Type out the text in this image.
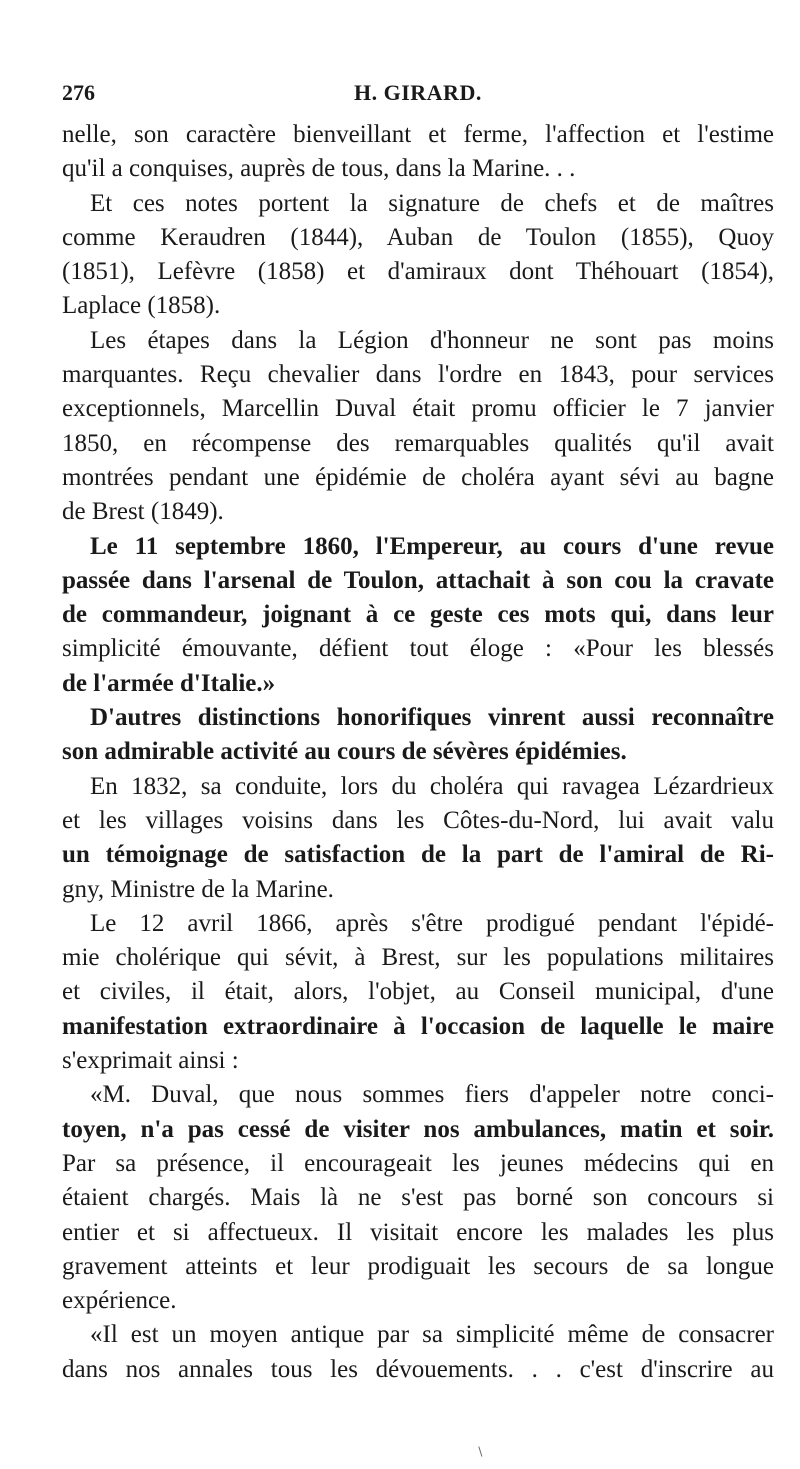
276	H. GIRARD.
nelle, son caractère bienveillant et ferme, l'affection et l'estime
qu'il a conquises, auprès de tous, dans la Marine. . .
Et ces notes portent la signature de chefs et de maîtres
comme Keraudren (1844), Auban de Toulon (1855), Quoy
(1851), Lefèvre (1858) et d'amiraux dont Théhouart (1854),
Laplace (1858).
Les étapes dans la Légion d'honneur ne sont pas moins
marquantes. Reçu chevalier dans l'ordre en 1843, pour services
exceptionnels, Marcellin Duval était promu officier le 7 janvier
1850, en récompense des remarquables qualités qu'il avait
montrées pendant une épidémie de choléra ayant sévi au bagne
de Brest (1849).
Le 11 septembre 1860, l'Empereur, au cours d'une revue
passée dans l'arsenal de Toulon, attachait à son cou la cravate
de commandeur, joignant à ce geste ces mots qui, dans leur
simplicité émouvante, défient tout éloge : «Pour les blessés
de l'armée d'Italie.»
D'autres distinctions honorifiques vinrent aussi reconnaître
son admirable activité au cours de sévères épidémies.
En 1832, sa conduite, lors du choléra qui ravagea Lézardrieux
et les villages voisins dans les Côtes-du-Nord, lui avait valu
un témoignage de satisfaction de la part de l'amiral de Ri-
gny, Ministre de la Marine.
Le 12 avril 1866, après s'être prodigué pendant l'épidé-
mie cholérique qui sévit, à Brest, sur les populations militaires
et civiles, il était, alors, l'objet, au Conseil municipal, d'une
manifestation extraordinaire à l'occasion de laquelle le maire
s'exprimait ainsi :
«M. Duval, que nous sommes fiers d'appeler notre conci-
toyen, n'a pas cessé de visiter nos ambulances, matin et soir.
Par sa présence, il encourageait les jeunes médecins qui en
étaient chargés. Mais là ne s'est pas borné son concours si
entier et si affectueux. Il visitait encore les malades les plus
gravement atteints et leur prodiguait les secours de sa longue
expérience.
«Il est un moyen antique par sa simplicité même de consacrer
dans nos annales tous les dévouements. . . c'est d'inscrire au
∖
